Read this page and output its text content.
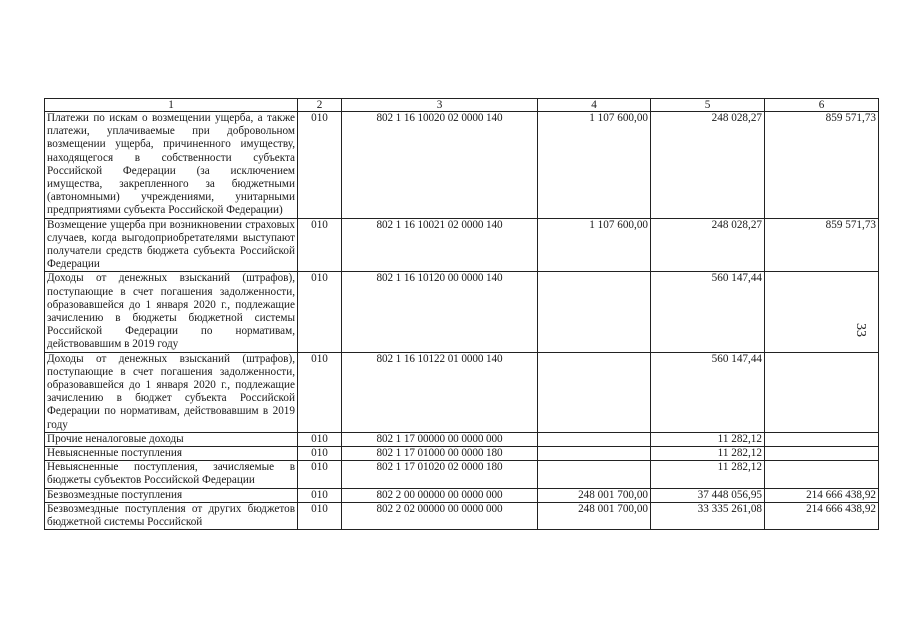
1	2	3	4	5	6
Платежи по искам о возмещении ущерба, а также платежи, уплачиваемые при добровольном возмещении ущерба, причиненного имуществу, находящегося в собственности субъекта Российской Федерации (за исключением имущества, закрепленного за бюджетными (автономными) учреждениями, унитарными предприятиями субъекта Российской Федерации)	010	802 1 16 10020 02 0000 140	1 107 600,00	248 028,27	859 571,73
Возмещение ущерба при возникновении страховых случаев, когда выгодоприобретателями выступают получатели средств бюджета субъекта Российской Федерации	010	802 1 16 10021 02 0000 140	1 107 600,00	248 028,27	859 571,73
Доходы от денежных взысканий (штрафов), поступающие в счет погашения задолженности, образовавшейся до 1 января 2020 г., подлежащие зачислению в бюджеты бюджетной системы Российской Федерации по нормативам, действовавшим в 2019 году	010	802 1 16 10120 00 0000 140		560 147,44	
Доходы от денежных взысканий (штрафов), поступающие в счет погашения задолженности, образовавшейся до 1 января 2020 г., подлежащие зачислению в бюджет субъекта Российской Федерации по нормативам, действовавшим в 2019 году	010	802 1 16 10122 01 0000 140		560 147,44	
Прочие неналоговые доходы	010	802 1 17 00000 00 0000 000		11 282,12	
Невыясненные поступления	010	802 1 17 01000 00 0000 180		11 282,12	
Невыясненные поступления, зачисляемые в бюджеты субъектов Российской Федерации	010	802 1 17 01020 02 0000 180		11 282,12	
Безвозмездные поступления	010	802 2 00 00000 00 0000 000	248 001 700,00	37 448 056,95	214 666 438,92
Безвозмездные поступления от других бюджетов бюджетной системы Российской	010	802 2 02 00000 00 0000 000	248 001 700,00	33 335 261,08	214 666 438,92
33
